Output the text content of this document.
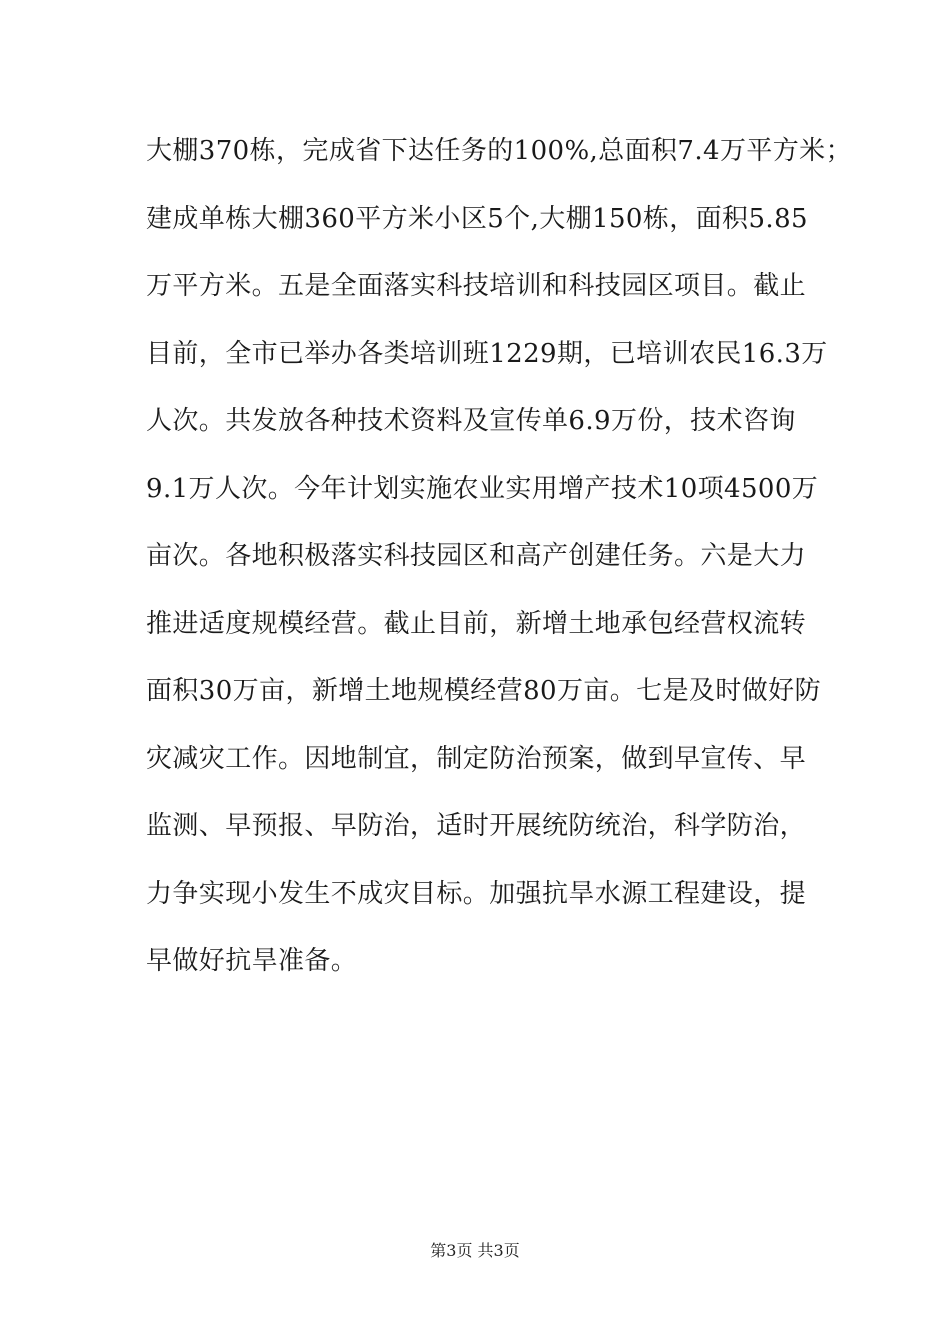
大棚370栋，完成省下达任务的100%,总面积7.4万平方米；
建成单栋大棚360平方米小区5个,大棚150栋，面积5.85
万平方米。五是全面落实科技培训和科技园区项目。截止
目前，全市已举办各类培训班1229期，已培训农民16.3万
人次。共发放各种技术资料及宣传单6.9万份，技术咨询
9.1万人次。今年计划实施农业实用增产技术10项4500万
亩次。各地积极落实科技园区和高产创建任务。六是大力
推进适度规模经营。截止目前，新增土地承包经营权流转
面积30万亩，新增土地规模经营80万亩。七是及时做好防
灾减灾工作。因地制宜，制定防治预案，做到早宣传、早
监测、早预报、早防治，适时开展统防统治，科学防治，
力争实现小发生不成灾目标。加强抗旱水源工程建设，提
早做好抗旱准备。
第3页 共3页
